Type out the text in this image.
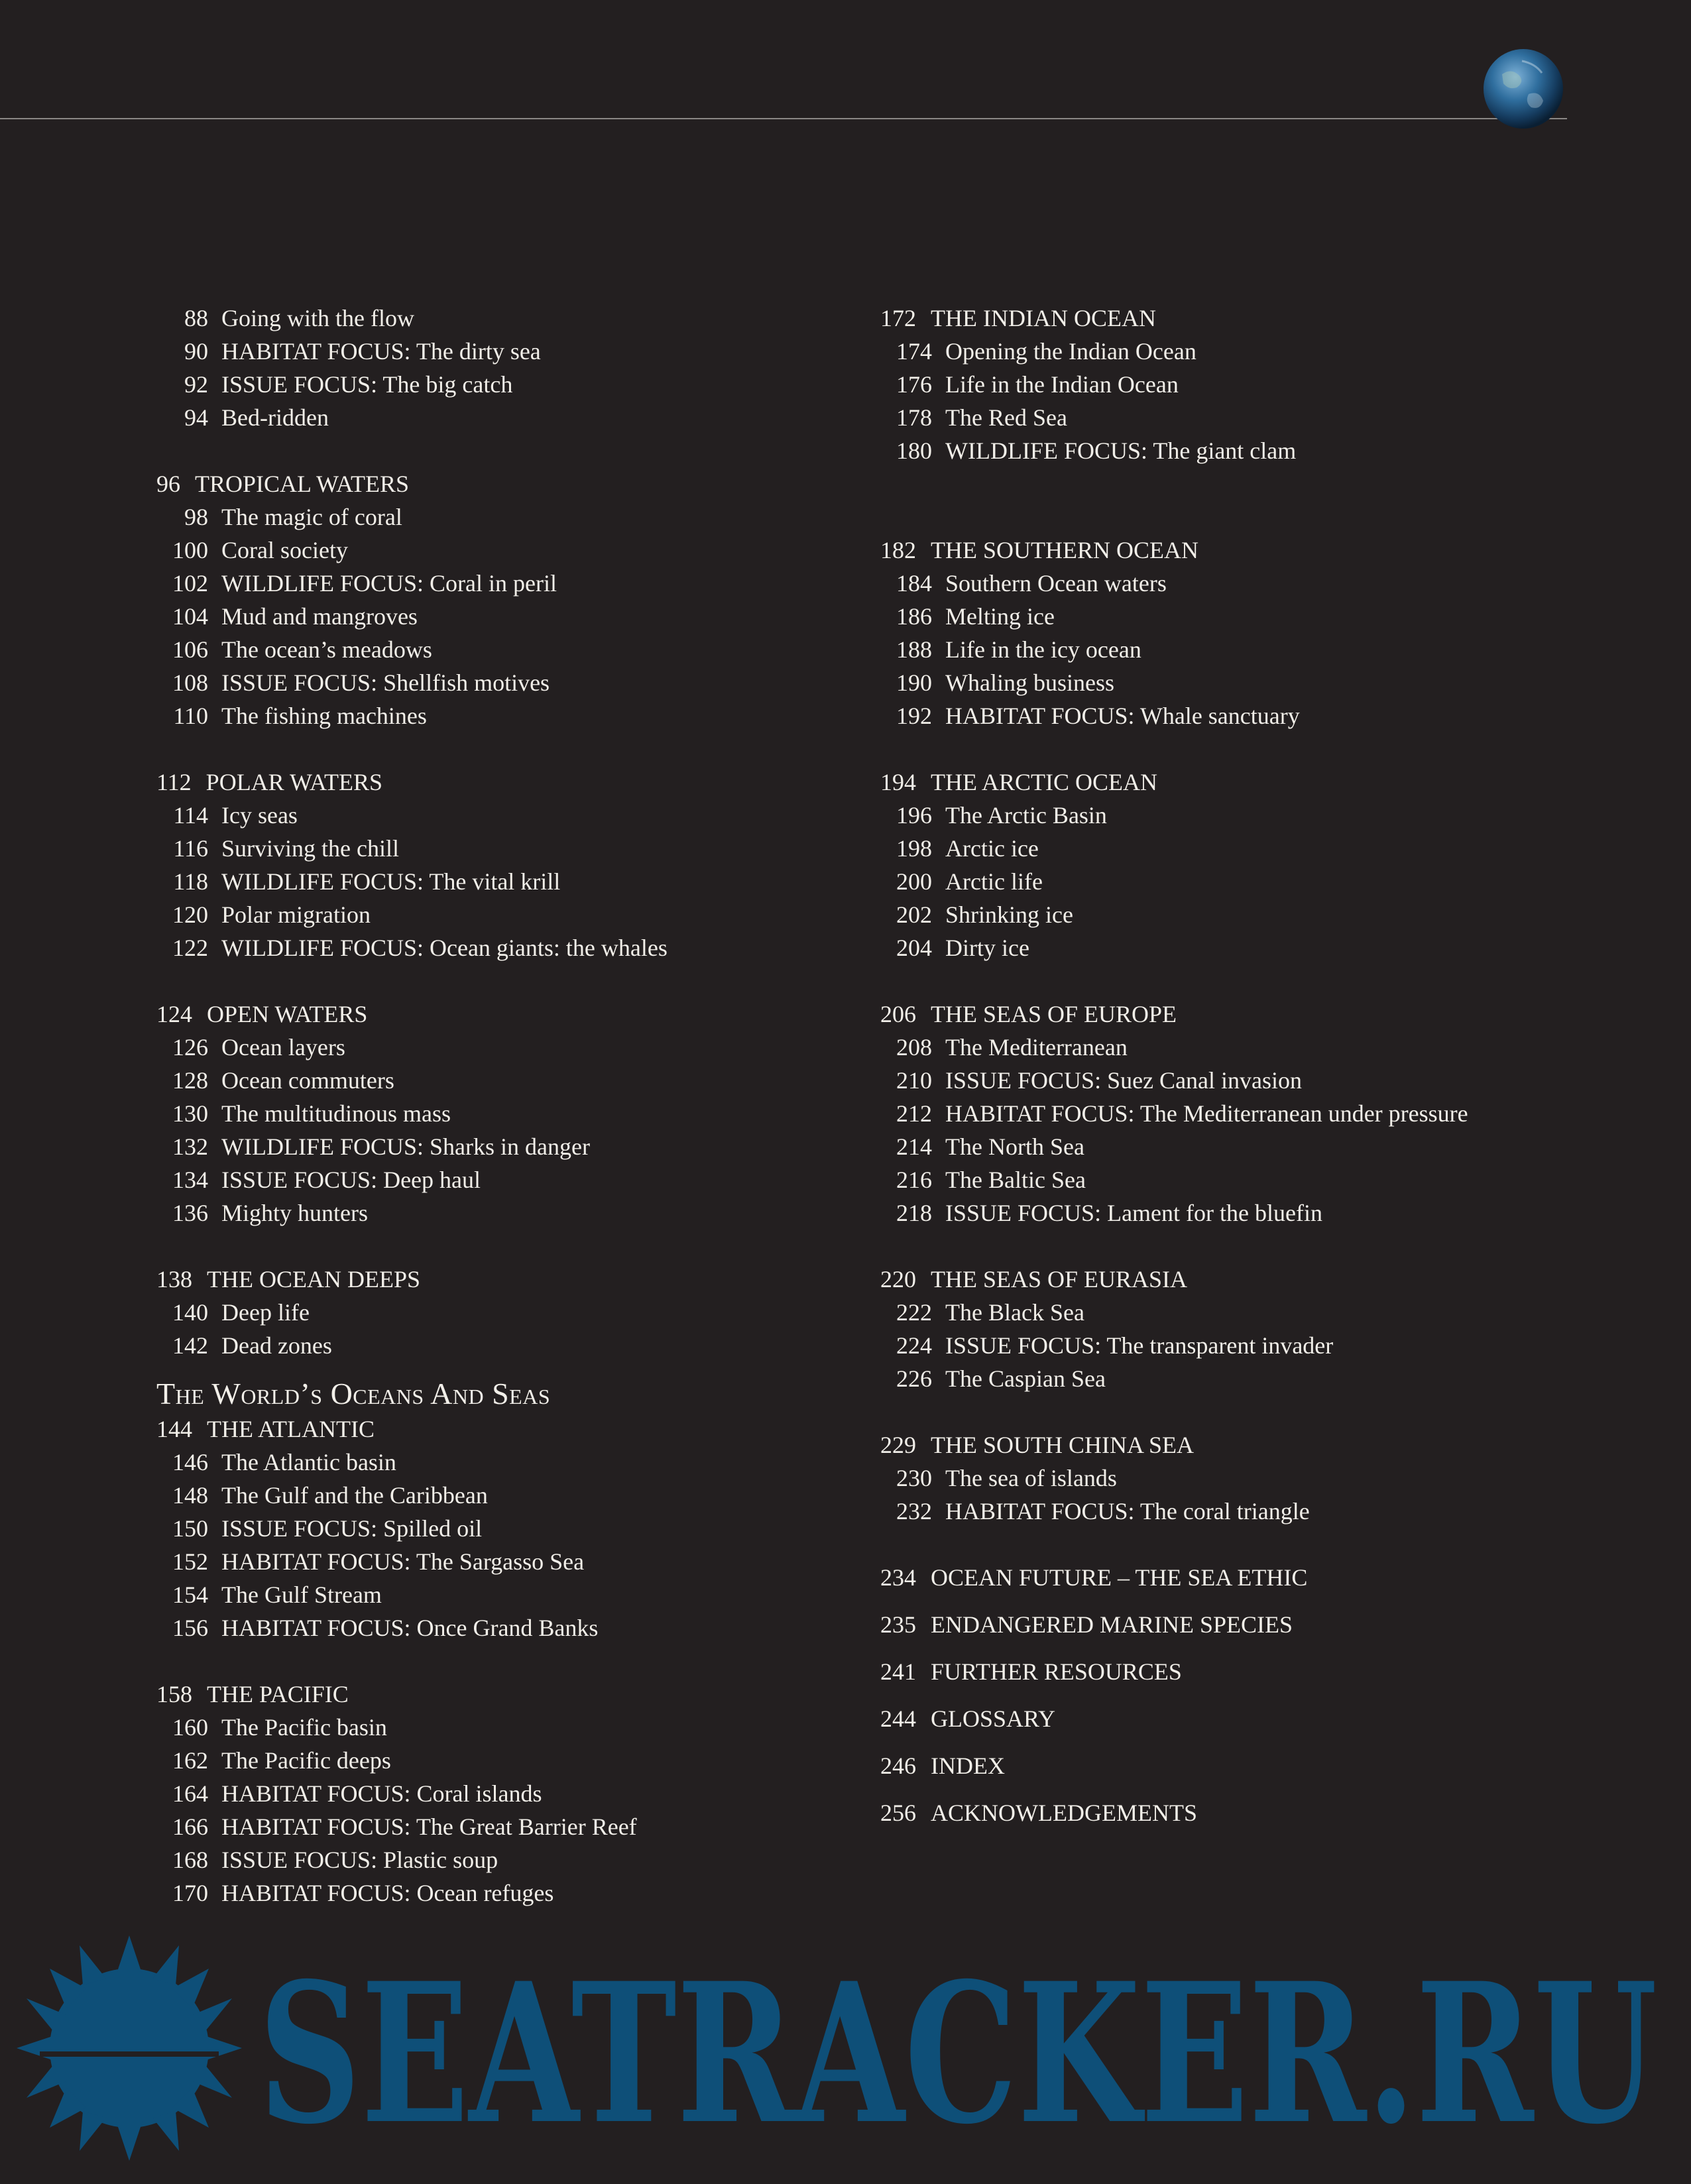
88 Going with the flow
90 HABITAT FOCUS: The dirty sea
92 ISSUE FOCUS: The big catch
94 Bed-ridden
96 TROPICAL WATERS
98 The magic of coral
100 Coral society
102 WILDLIFE FOCUS: Coral in peril
104 Mud and mangroves
106 The ocean’s meadows
108 ISSUE FOCUS: Shellfish motives
110 The fishing machines
112 POLAR WATERS
114 Icy seas
116 Surviving the chill
118 WILDLIFE FOCUS: The vital krill
120 Polar migration
122 WILDLIFE FOCUS: Ocean giants: the whales
124 OPEN WATERS
126 Ocean layers
128 Ocean commuters
130 The multitudinous mass
132 WILDLIFE FOCUS: Sharks in danger
134 ISSUE FOCUS: Deep haul
136 Mighty hunters
138 THE OCEAN DEEPS
140 Deep life
142 Dead zones
The World’s Oceans And Seas
144 THE ATLANTIC
146 The Atlantic basin
148 The Gulf and the Caribbean
150 ISSUE FOCUS: Spilled oil
152 HABITAT FOCUS: The Sargasso Sea
154 The Gulf Stream
156 HABITAT FOCUS: Once Grand Banks
158 THE PACIFIC
160 The Pacific basin
162 The Pacific deeps
164 HABITAT FOCUS: Coral islands
166 HABITAT FOCUS: The Great Barrier Reef
168 ISSUE FOCUS: Plastic soup
170 HABITAT FOCUS: Ocean refuges
172 THE INDIAN OCEAN
174 Opening the Indian Ocean
176 Life in the Indian Ocean
178 The Red Sea
180 WILDLIFE FOCUS: The giant clam
182 THE SOUTHERN OCEAN
184 Southern Ocean waters
186 Melting ice
188 Life in the icy ocean
190 Whaling business
192 HABITAT FOCUS: Whale sanctuary
194 THE ARCTIC OCEAN
196 The Arctic Basin
198 Arctic ice
200 Arctic life
202 Shrinking ice
204 Dirty ice
206 THE SEAS OF EUROPE
208 The Mediterranean
210 ISSUE FOCUS: Suez Canal invasion
212 HABITAT FOCUS: The Mediterranean under pressure
214 The North Sea
216 The Baltic Sea
218 ISSUE FOCUS: Lament for the bluefin
220 THE SEAS OF EURASIA
222 The Black Sea
224 ISSUE FOCUS: The transparent invader
226 The Caspian Sea
229 THE SOUTH CHINA SEA
230 The sea of islands
232 HABITAT FOCUS: The coral triangle
234 OCEAN FUTURE – THE SEA ETHIC
235 ENDANGERED MARINE SPECIES
241 FURTHER RESOURCES
244 GLOSSARY
246 INDEX
256 ACKNOWLEDGEMENTS
SEATRACKER.RU
